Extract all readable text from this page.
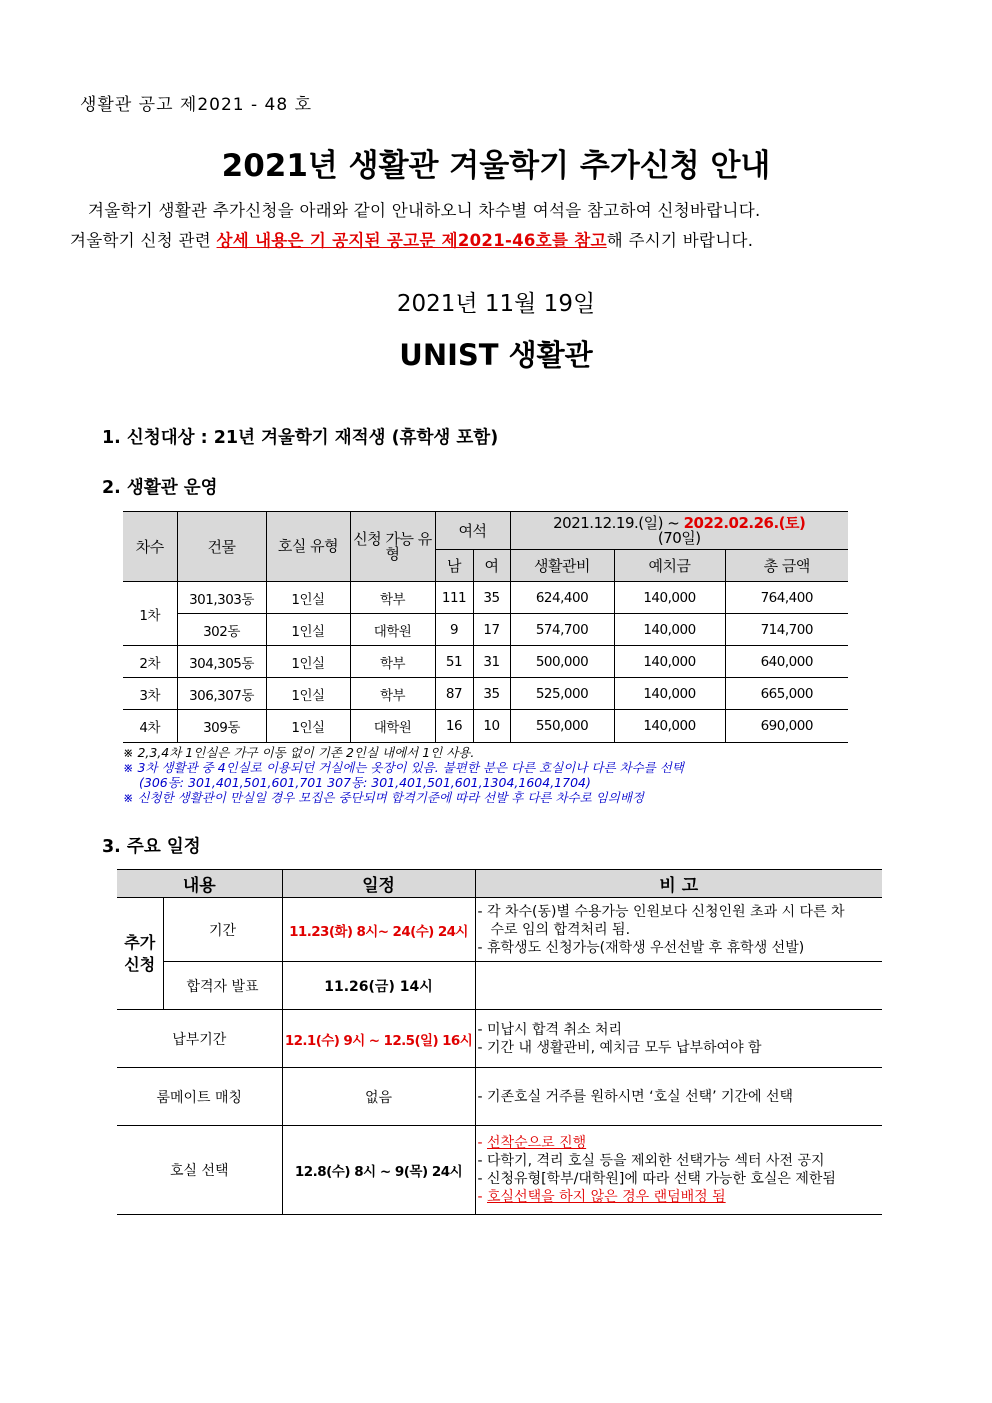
생활관 공고 제2021 - 48 호
2021년 생활관 겨울학기 추가신청 안내
겨울학기 생활관 추가신청을 아래와 같이 안내하오니 차수별 여석을 참고하여 신청바랍니다.
겨울학기 신청 관련 상세 내용은 기 공지된 공고문 제2021-46호를 참고해 주시기 바랍니다.
2021년 11월 19일
UNIST 생활관
1. 신청대상 : 21년 겨울학기 재적생 (휴학생 포함)
2. 생활관 운영
차수	건물	호실 유형	신청 가능 유형	여석		2021.12.19.(일) ~ 2022.02.26.(토)
(70일)		
				남	여	생활관비	예치금	총 금액
1차	301,303동	1인실	학부	111	35	624,400	140,000	764,400
	302동	1인실	대학원	9	17	574,700	140,000	714,700
2차	304,305동	1인실	학부	51	31	500,000	140,000	640,000
3차	306,307동	1인실	학부	87	35	525,000	140,000	665,000
4차	309동	1인실	대학원	16	10	550,000	140,000	690,000
※ 2,3,4차 1인실은 가구 이동 없이 기존 2인실 내에서 1인 사용.
※ 3차 생활관 중 4인실로 이용되던 거실에는 옷장이 있음. 불편한 분은 다른 호실이나 다른 차수를 선택
(306동: 301,401,501,601,701 307동: 301,401,501,601,1304,1604,1704)
※ 신청한 생활관이 만실일 경우 모집은 중단되며 합격기준에 따라 선발 후 다른 차수로 임의배정
3. 주요 일정
내용		일정	비 고
추가 신청	기간	11.23(화) 8시~ 24(수) 24시	- 각 차수(동)별 수용가능 인원보다 신청인원 초과 시 다른 차
수로 임의 합격처리 됨.
- 휴학생도 신청가능(재학생 우선선발 후 휴학생 선발)

	합격자 발표	11.26(금) 14시	
납부기간		12.1(수) 9시 ~ 12.5(일) 16시	- 미납시 합격 취소 처리
- 기간 내 생활관비, 예치금 모두 납부하여야 함

룸메이트 매칭		없음	- 기존호실 거주를 원하시면 ‘호실 선택’ 기간에 선택

호실 선택		12.8(수) 8시 ~ 9(목) 24시	- 선착순으로 진행
- 다학기, 격리 호실 등을 제외한 선택가능 섹터 사전 공지
- 신청유형[학부/대학원]에 따라 선택 가능한 호실은 제한됨
- 호실선택을 하지 않은 경우 랜덤배정 됨
